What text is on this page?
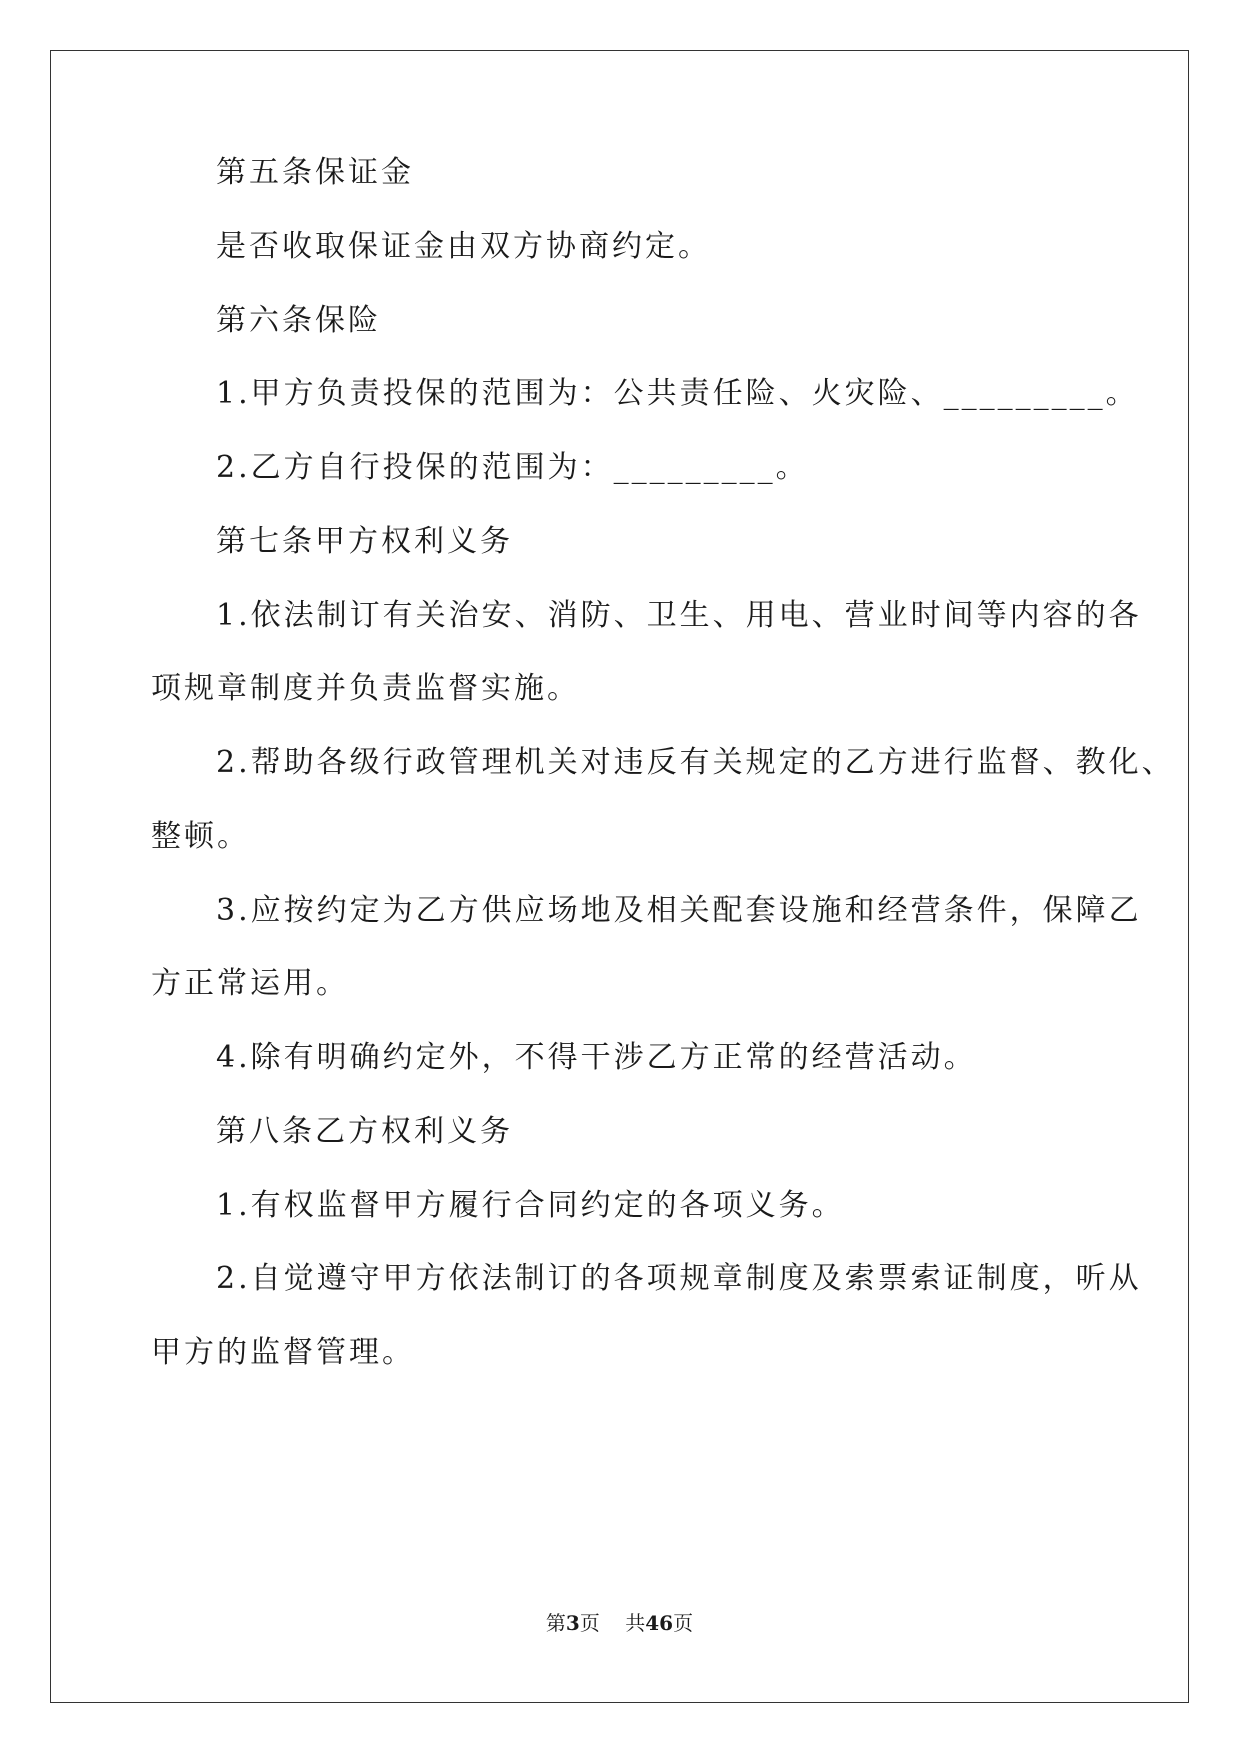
第五条保证金
是否收取保证金由双方协商约定。
第六条保险
1.甲方负责投保的范围为：公共责任险、火灾险、_________。
2.乙方自行投保的范围为：_________。
第七条甲方权利义务
1.依法制订有关治安、消防、卫生、用电、营业时间等内容的各
项规章制度并负责监督实施。
2.帮助各级行政管理机关对违反有关规定的乙方进行监督、教化、
整顿。
3.应按约定为乙方供应场地及相关配套设施和经营条件，保障乙
方正常运用。
4.除有明确约定外，不得干涉乙方正常的经营活动。
第八条乙方权利义务
1.有权监督甲方履行合同约定的各项义务。
2.自觉遵守甲方依法制订的各项规章制度及索票索证制度，听从
甲方的监督管理。
第3页 共46页
